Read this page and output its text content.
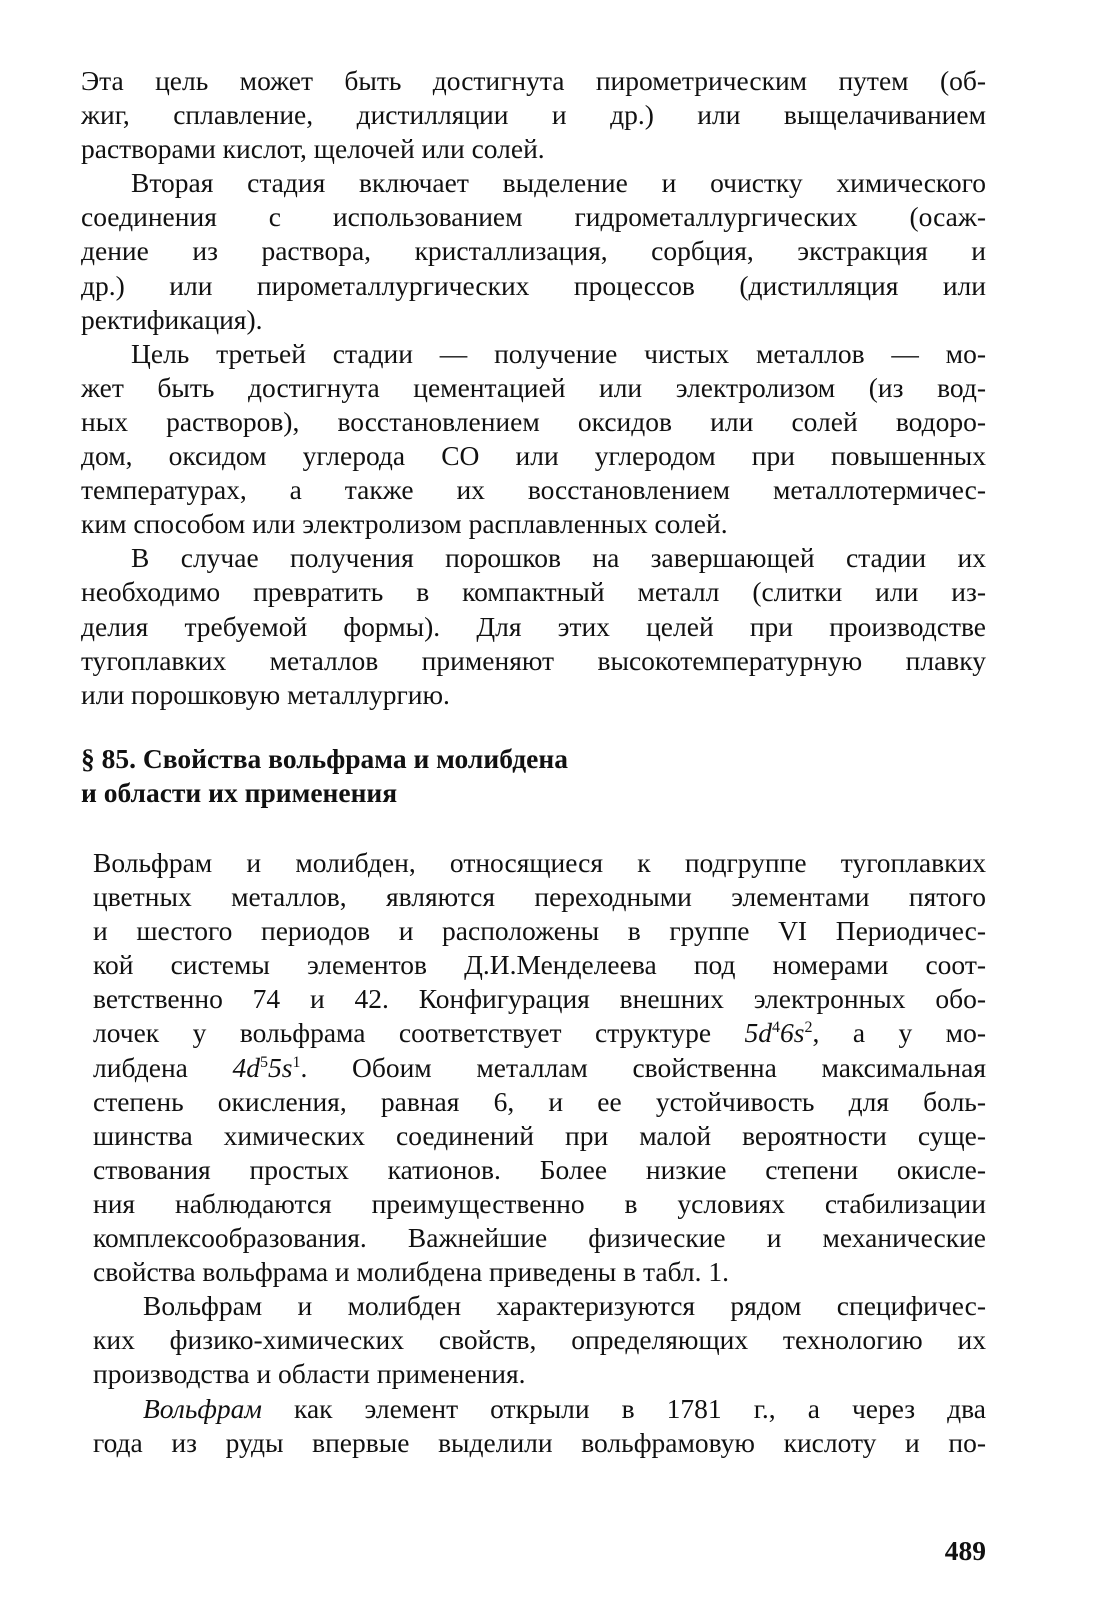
Эта цель может быть достигнута пирометрическим путем (об-
жиг, сплавление, дистилляции и др.) или выщелачиванием
растворами кислот, щелочей или солей.
Вторая стадия включает выделение и очистку химического
соединения с использованием гидрометаллургических (осаж-
дение из раствора, кристаллизация, сорбция, экстракция и
др.) или пирометаллургических процессов (дистилляция или
ректификация).
Цель третьей стадии — получение чистых металлов — мо-
жет быть достигнута цементацией или электролизом (из вод-
ных растворов), восстановлением оксидов или солей водоро-
дом, оксидом углерода СО или углеродом при повышенных
температурах, а также их восстановлением металлотермичес-
ким способом или электролизом расплавленных солей.
В случае получения порошков на завершающей стадии их
необходимо превратить в компактный металл (слитки или из-
делия требуемой формы). Для этих целей при производстве
тугоплавких металлов применяют высокотемпературную плавку
или порошковую металлургию.
§ 85. Свойства вольфрама и молибдена
и области их применения
Вольфрам и молибден, относящиеся к подгруппе тугоплавких
цветных металлов, являются переходными элементами пятого
и шестого периодов и расположены в группе VI Периодичес-
кой системы элементов Д.И.Менделеева под номерами соот-
ветственно 74 и 42. Конфигурация внешних электронных обо-
лочек у вольфрама соответствует структуре $5d^46s^2$, а у мо-
либдена $4d^55s^1$. Обоим металлам свойственна максимальная
степень окисления, равная 6, и ее устойчивость для боль-
шинства химических соединений при малой вероятности суще-
ствования простых катионов. Более низкие степени окисле-
ния наблюдаются преимущественно в условиях стабилизации
комплексообразования. Важнейшие физические и механические
свойства вольфрама и молибдена приведены в табл. 1.
Вольфрам и молибден характеризуются рядом специфичес-
ких физико-химических свойств, определяющих технологию их
производства и области применения.
Вольфрам как элемент открыли в 1781 г., а через два
года из руды впервые выделили вольфрамовую кислоту и по-
489
